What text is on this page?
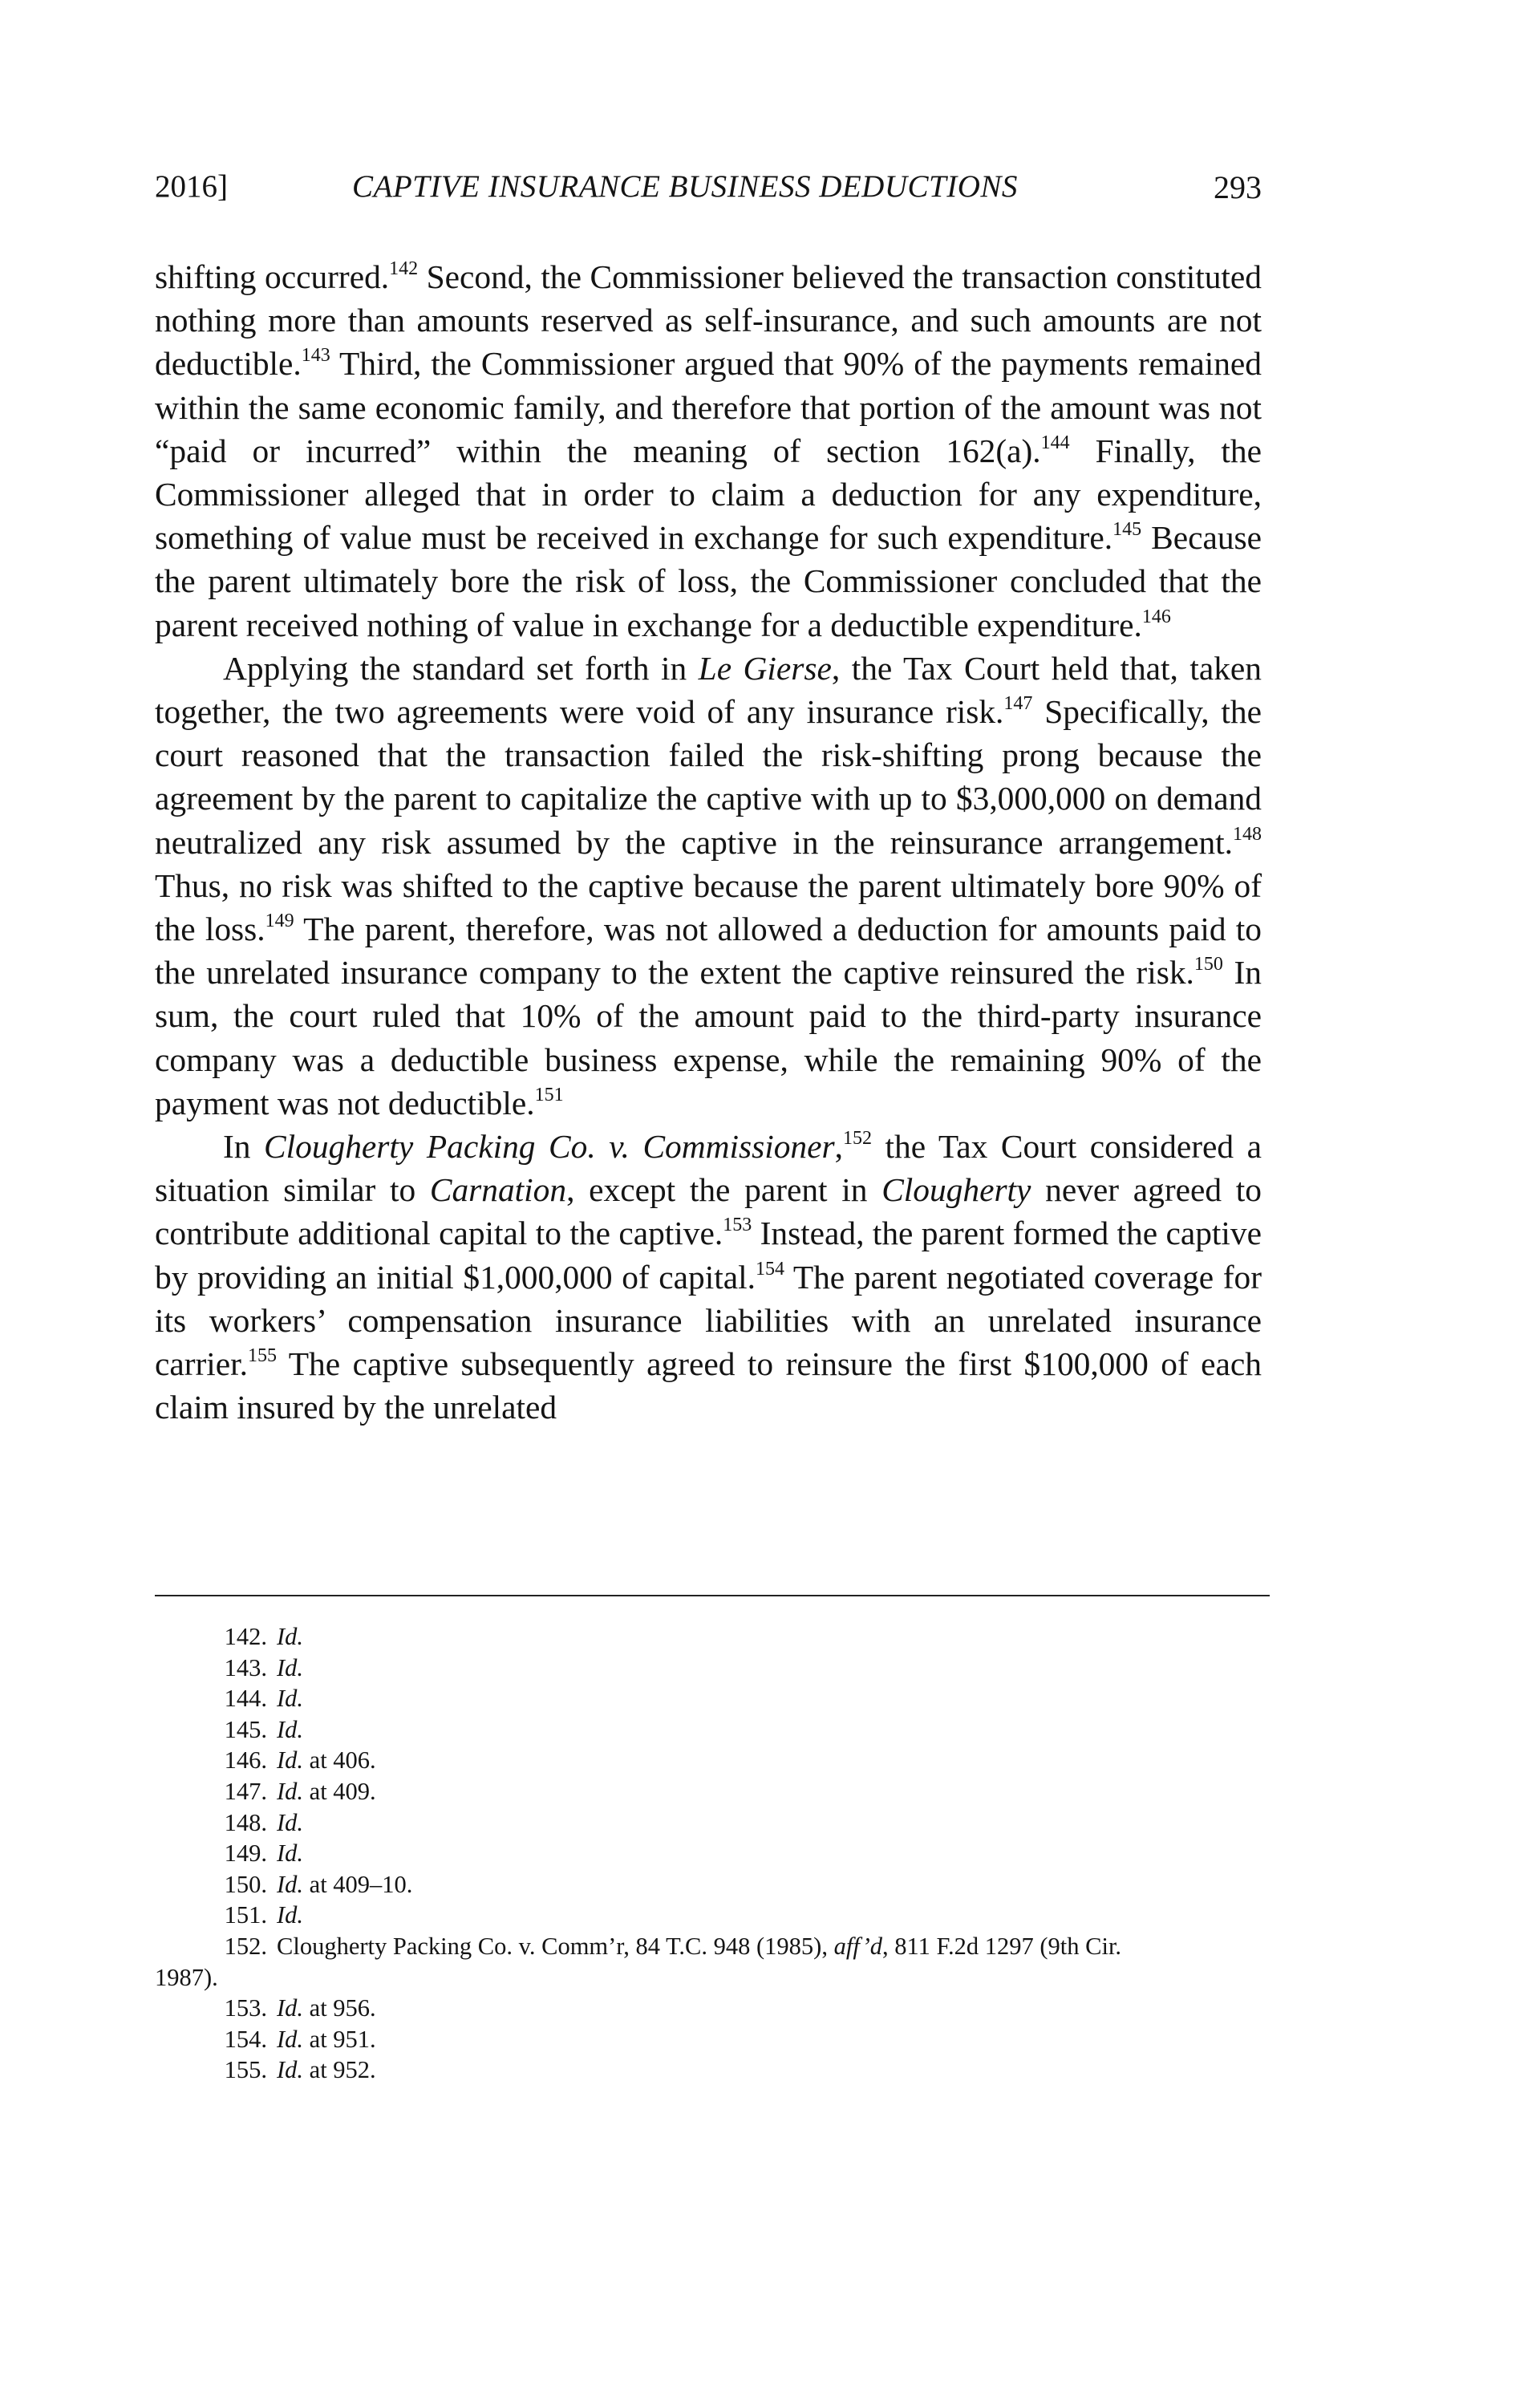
2016]	CAPTIVE INSURANCE BUSINESS DEDUCTIONS	293

shifting occurred.$^{142}$ Second, the Commissioner believed the transaction constituted nothing more than amounts reserved as self-insurance, and such amounts are not deductible.$^{143}$ Third, the Commissioner argued that 90% of the payments remained within the same economic family, and therefore that portion of the amount was not “paid or incurred” within the meaning of section 162(a).$^{144}$ Finally, the Commissioner alleged that in order to claim a deduction for any expenditure, something of value must be received in exchange for such expenditure.$^{145}$ Because the parent ultimately bore the risk of loss, the Commissioner concluded that the parent received nothing of value in exchange for a deductible expenditure.$^{146}$

Applying the standard set forth in Le Gierse, the Tax Court held that, taken together, the two agreements were void of any insurance risk.$^{147}$ Specifically, the court reasoned that the transaction failed the risk-shifting prong because the agreement by the parent to capitalize the captive with up to $3,000,000 on demand neutralized any risk assumed by the captive in the reinsurance arrangement.$^{148}$ Thus, no risk was shifted to the captive because the parent ultimately bore 90% of the loss.$^{149}$ The parent, therefore, was not allowed a deduction for amounts paid to the unrelated insurance company to the extent the captive reinsured the risk.$^{150}$ In sum, the court ruled that 10% of the amount paid to the third-party insurance company was a deductible business expense, while the remaining 90% of the payment was not deductible.$^{151}$

In Clougherty Packing Co. v. Commissioner,$^{152}$ the Tax Court considered a situation similar to Carnation, except the parent in Clougherty never agreed to contribute additional capital to the captive.$^{153}$ Instead, the parent formed the captive by providing an initial $1,000,000 of capital.$^{154}$ The parent negotiated coverage for its workers’ compensation insurance liabilities with an unrelated insurance carrier.$^{155}$ The captive subsequently agreed to reinsure the first $100,000 of each claim insured by the unrelated

142. Id.
143. Id.
144. Id.
145. Id.
146. Id. at 406.
147. Id. at 409.
148. Id.
149. Id.
150. Id. at 409–10.
151. Id.
152. Clougherty Packing Co. v. Comm’r, 84 T.C. 948 (1985), aff’d, 811 F.2d 1297 (9th Cir.
1987).
153. Id. at 956.
154. Id. at 951.
155. Id. at 952.
